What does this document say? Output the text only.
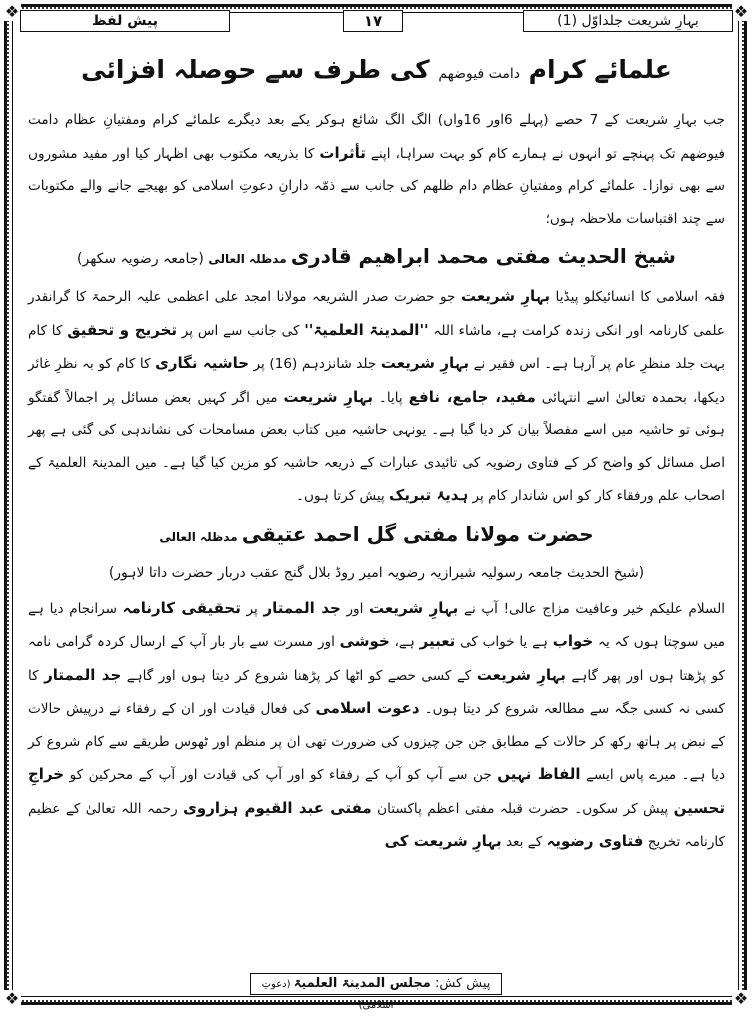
❖	❖
❖	❖
بہارِ شریعت جلداوّل (1)
۱۷
پیش لفظ
علمائے کرام دامت فیوضھم کی طرف سے حوصلہ افزائی

جب بہارِ شریعت کے 7 حصے (پہلے 6اور 16واں) الگ الگ شائع ہوکر یکے بعد دیگرے علمائے کرام ومفتیانِ عظام دامت فیوضھم تک پہنچے تو انہوں نے ہمارے کام کو بہت سراہا، اپنے تأثرات کا بذریعہ مکتوب بھی اظہار کیا اور مفید مشوروں سے بھی نوازا۔ علمائے کرام ومفتیانِ عظام دام ظلھم کی جانب سے ذمّہ دارانِ دعوتِ اسلامی کو بھیجے جانے والے مکتوبات سے چند اقتباسات ملاحظہ ہوں؛

شیخ الحدیث مفتی محمد ابراھیم قادری مدظلہ العالی (جامعہ رضویہ سکھر)

فقہ اسلامی کا انسائیکلو پیڈیا بہارِ شریعت جو حضرت صدر الشریعہ مولانا امجد علی اعظمی علیہ الرحمۃ کا گرانقدر علمی کارنامہ اور انکی زندہ کرامت ہے، ماشاء اللہ ''المدینۃ العلمیۃ'' کی جانب سے اس پر تخریج و تحقیق کا کام بہت جلد منظرِ عام پر آرہا ہے۔ اس فقیر نے بہارِ شریعت جلد شانزدہم (16) پر حاشیہ نگاری کا کام کو بہ نظرِ غائر دیکھا، بحمدہ تعالیٰ اسے انتہائی مفید، جامع، نافع پایا۔ بہارِ شریعت میں اگر کہیں بعض مسائل پر اجمالاً گفتگو ہوئی تو حاشیہ میں اسے مفصلاً بیان کر دیا گیا ہے۔ یونہی حاشیہ میں کتاب بعض مسامحات کی نشاندہی کی گئی ہے پھر اصل مسائل کو واضح کر کے فتاوی رضویہ کی تائیدی عبارات کے ذریعہ حاشیہ کو مزین کیا گیا ہے۔ میں المدینۃ العلمیۃ کے اصحاب علم ورفقاء کار کو اس شاندار کام پر ہدیۂ تبریک پیش کرتا ہوں۔

حضرت مولانا مفتی گل احمد عتیقی مدظلہ العالی

(شیخ الحدیث جامعہ رسولیہ شیرازیہ رضویہ امیر روڈ بلال گنج عقب دربار حضرت داتا لاہور)

السلام علیکم خیر وعافیت مزاج عالی! آپ نے بہارِ شریعت اور جد الممتار پر تحقیقی کارنامہ سرانجام دیا ہے میں سوچتا ہوں کہ یہ خواب ہے یا خواب کی تعبیر ہے، خوشی اور مسرت سے بار بار آپ کے ارسال کردہ گرامی نامہ کو پڑھتا ہوں اور پھر گاہے بہارِ شریعت کے کسی حصے کو اٹھا کر پڑھنا شروع کر دیتا ہوں اور گاہے جد الممتار کا کسی نہ کسی جگہ سے مطالعہ شروع کر دیتا ہوں۔ دعوت اسلامی کی فعال قیادت اور ان کے رفقاء نے درپیش حالات کے نبض پر ہاتھ رکھ کر حالات کے مطابق جن جن چیزوں کی ضرورت تھی ان پر منظم اور ٹھوس طریقے سے کام شروع کر دیا ہے۔ میرے پاس ایسے الفاظ نہیں جن سے آپ کو آپ کے رفقاء کو اور آپ کی قیادت اور آپ کے محرکین کو خراجِ تحسین پیش کر سکوں۔ حضرت قبلہ مفتی اعظم پاکستان مفتی عبد القیوم ہزاروی رحمہ اللہ تعالیٰ کے عظیم کارنامہ تخریج فتاوی رضویہ کے بعد بہارِ شریعت کی

پیش کش: مجلس المدینۃ العلمیۃ (دعوتِ اسلامی)
